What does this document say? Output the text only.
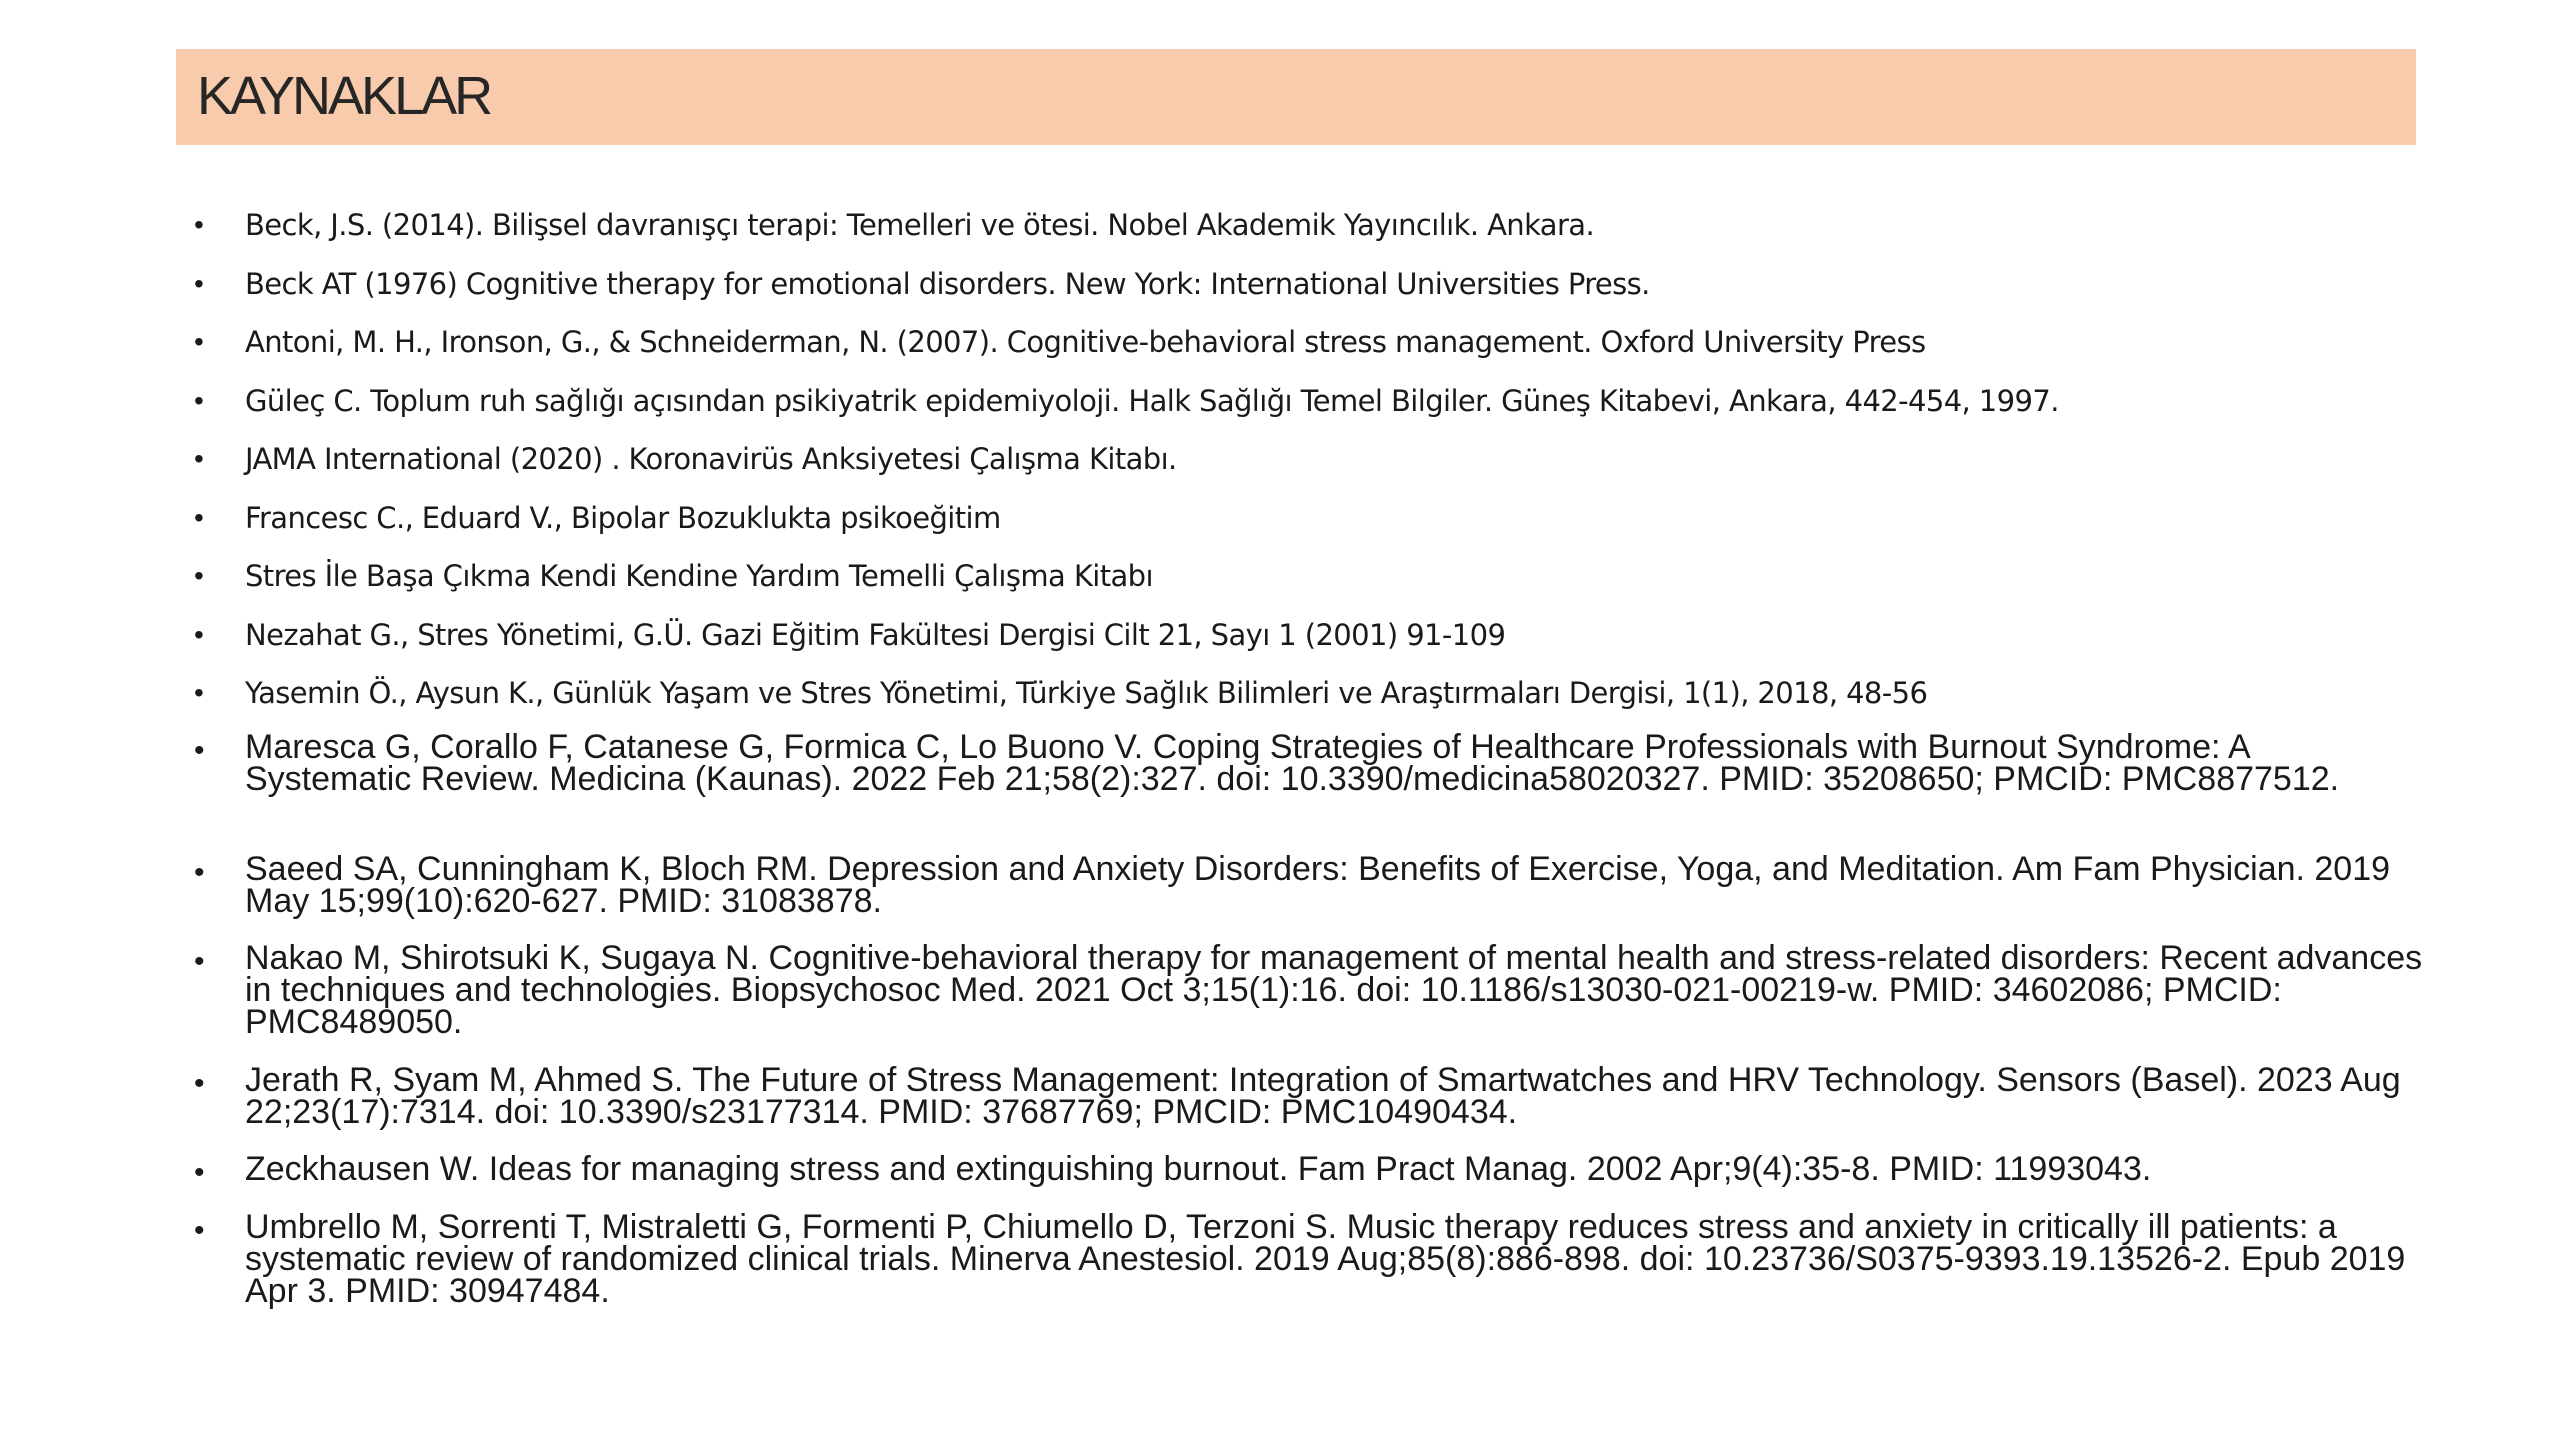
KAYNAKLAR
• Beck, J.S. (2014). Bilişsel davranışçı terapi: Temelleri ve ötesi. Nobel Akademik Yayıncılık. Ankara.
• Beck AT (1976) Cognitive therapy for emotional disorders. New York: International Universities Press.
• Antoni, M. H., Ironson, G., & Schneiderman, N. (2007). Cognitive-behavioral stress management. Oxford University Press
• Güleç C. Toplum ruh sağlığı açısından psikiyatrik epidemiyoloji. Halk Sağlığı Temel Bilgiler. Güneş Kitabevi, Ankara, 442-454, 1997.
• JAMA International (2020) . Koronavirüs Anksiyetesi Çalışma Kitabı.
• Francesc C., Eduard V., Bipolar Bozuklukta psikoeğitim
• Stres İle Başa Çıkma Kendi Kendine Yardım Temelli Çalışma Kitabı
• Nezahat G., Stres Yönetimi, G.Ü. Gazi Eğitim Fakültesi Dergisi Cilt 21, Sayı 1 (2001) 91-109
• Yasemin Ö., Aysun K., Günlük Yaşam ve Stres Yönetimi, Türkiye Sağlık Bilimleri ve Araştırmaları Dergisi, 1(1), 2018, 48-56
• Maresca G, Corallo F, Catanese G, Formica C, Lo Buono V. Coping Strategies of Healthcare Professionals with Burnout Syndrome: A Systematic Review. Medicina (Kaunas). 2022 Feb 21;58(2):327. doi: 10.3390/medicina58020327. PMID: 35208650; PMCID: PMC8877512.
• Saeed SA, Cunningham K, Bloch RM. Depression and Anxiety Disorders: Benefits of Exercise, Yoga, and Meditation. Am Fam Physician. 2019 May 15;99(10):620-627. PMID: 31083878.
• Nakao M, Shirotsuki K, Sugaya N. Cognitive-behavioral therapy for management of mental health and stress-related disorders: Recent advances in techniques and technologies. Biopsychosoc Med. 2021 Oct 3;15(1):16. doi: 10.1186/s13030-021-00219-w. PMID: 34602086; PMCID: PMC8489050.
• Jerath R, Syam M, Ahmed S. The Future of Stress Management: Integration of Smartwatches and HRV Technology. Sensors (Basel). 2023 Aug 22;23(17):7314. doi: 10.3390/s23177314. PMID: 37687769; PMCID: PMC10490434.
• Zeckhausen W. Ideas for managing stress and extinguishing burnout. Fam Pract Manag. 2002 Apr;9(4):35-8. PMID: 11993043.
• Umbrello M, Sorrenti T, Mistraletti G, Formenti P, Chiumello D, Terzoni S. Music therapy reduces stress and anxiety in critically ill patients: a systematic review of randomized clinical trials. Minerva Anestesiol. 2019 Aug;85(8):886-898. doi: 10.23736/S0375-9393.19.13526-2. Epub 2019 Apr 3. PMID: 30947484.
